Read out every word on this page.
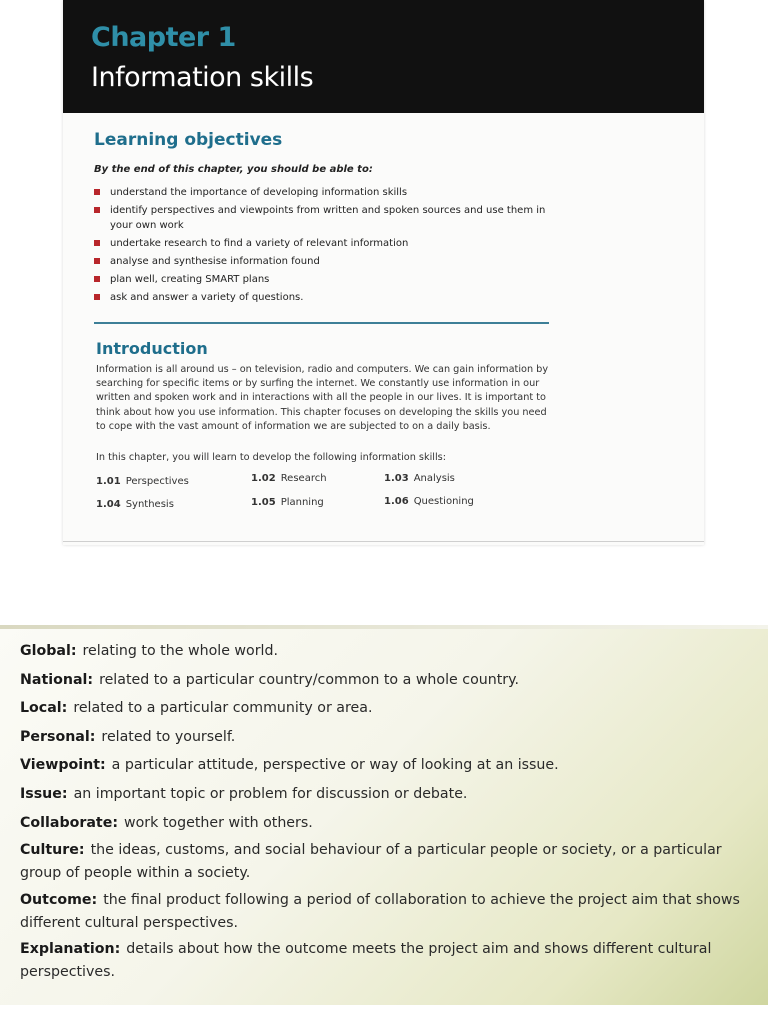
Chapter 1
Information skills
Learning objectives
By the end of this chapter, you should be able to:
understand the importance of developing information skills
identify perspectives and viewpoints from written and spoken sources and use them in your own work
undertake research to find a variety of relevant information
analyse and synthesise information found
plan well, creating SMART plans
ask and answer a variety of questions.
Introduction
Information is all around us – on television, radio and computers. We can gain information by searching for specific items or by surfing the internet. We constantly use information in our written and spoken work and in interactions with all the people in our lives. It is important to think about how you use information. This chapter focuses on developing the skills you need to cope with the vast amount of information we are subjected to on a daily basis.
In this chapter, you will learn to develop the following information skills:
1.01 Perspectives	1.02 Research	1.03 Analysis
1.04 Synthesis	1.05 Planning	1.06 Questioning
Global: relating to the whole world.
National: related to a particular country/common to a whole country.
Local: related to a particular community or area.
Personal: related to yourself.
Viewpoint: a particular attitude, perspective or way of looking at an issue.
Issue: an important topic or problem for discussion or debate.
Collaborate: work together with others.
Culture: the ideas, customs, and social behaviour of a particular people or society, or a particular group of people within a society.
Outcome: the final product following a period of collaboration to achieve the project aim that shows different cultural perspectives.
Explanation: details about how the outcome meets the project aim and shows different cultural perspectives.
